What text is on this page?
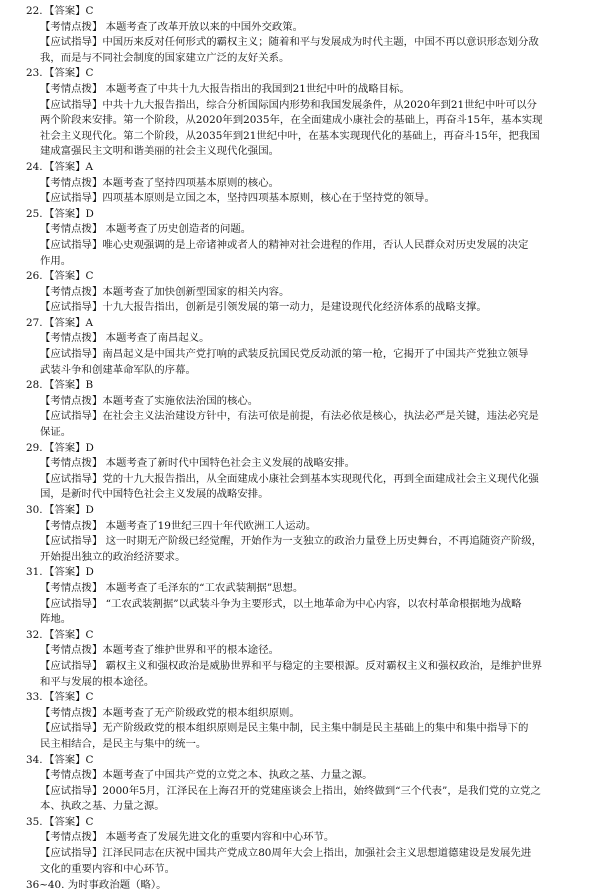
22.【答案】C
【考情点拨】 本题考查了改革开放以来的中国外交政策。
【应试指导】中国历来反对任何形式的霸权主义；随着和平与发展成为时代主题，中国不再以意识形态划分敌
我，而是与不同社会制度的国家建立广泛的友好关系。
23.【答案】C
【考情点拨】 本题考查了中共十九大报告指出的我国到21世纪中叶的战略目标。
【应试指导】中共十九大报告指出，综合分析国际国内形势和我国发展条件，从2020年到21世纪中叶可以分
两个阶段来安排。第一个阶段，从2020年到2035年，在全面建成小康社会的基础上，再奋斗15年，基本实现
社会主义现代化。第二个阶段，从2035年到21世纪中叶，在基本实现现代化的基础上，再奋斗15年，把我国
建成富强民主文明和谐美丽的社会主义现代化强国。
24.【答案】A
【考情点拨】本题考查了坚持四项基本原则的核心。
【应试指导】四项基本原则是立国之本，坚持四项基本原则，核心在于坚持党的领导。
25.【答案】D
【考情点拨】 本题考查了历史创造者的问题。
【应试指导】唯心史观强调的是上帝诸神或者人的精神对社会进程的作用，否认人民群众对历史发展的决定
作用。
26.【答案】C
【考情点拨】本题考查了加快创新型国家的相关内容。
【应试指导】十九大报告指出，创新是引领发展的第一动力，是建设现代化经济体系的战略支撑。
27.【答案】A
【考情点拨】 本题考查了南昌起义。
【应试指导】南昌起义是中国共产党打响的武装反抗国民党反动派的第一枪，它揭开了中国共产党独立领导
武装斗争和创建革命军队的序幕。
28.【答案】B
【考情点拨】本题考查了实施依法治国的核心。
【应试指导】在社会主义法治建设方针中，有法可依是前提，有法必依是核心，执法必严是关键，违法必究是
保证。
29.【答案】D
【考情点拨】 本题考查了新时代中国特色社会主义发展的战略安排。
【应试指导】党的十九大报告指出，从全面建成小康社会到基本实现现代化，再到全面建成社会主义现代化强
国，是新时代中国特色社会主义发展的战略安排。
30.【答案】D
【考情点拨】 本题考查了19世纪三四十年代欧洲工人运动。
【应试指导】 这一时期无产阶级已经觉醒，开始作为一支独立的政治力量登上历史舞台，不再追随资产阶级，
开始提出独立的政治经济要求。
31.【答案】D
【考情点拨】 本题考查了毛泽东的“工农武装割据”思想。
【应试指导】 “工农武装割据”以武装斗争为主要形式，以土地革命为中心内容，以农村革命根据地为战略
阵地。
32.【答案】C
【考情点拨】本题考查了维护世界和平的根本途径。
【应试指导】 霸权主义和强权政治是威胁世界和平与稳定的主要根源。反对霸权主义和强权政治，是维护世界
和平与发展的根本途径。
33.【答案】C
【考情点拨】本题考查了无产阶级政党的根本组织原则。
【应试指导】无产阶级政党的根本组织原则是民主集中制，民主集中制是民主基础上的集中和集中指导下的
民主相结合，是民主与集中的统一。
34.【答案】C
【考情点拨】本题考查了中国共产党的立党之本、执政之基、力量之源。
【应试指导】2000年5月，江泽民在上海召开的党建座谈会上指出，始终做到“三个代表”，是我们党的立党之
本、执政之基、力量之源。
35.【答案】C
【考情点拨】 本题考查了发展先进文化的重要内容和中心环节。
【应试指导】江泽民同志在庆祝中国共产党成立80周年大会上指出，加强社会主义思想道德建设是发展先进
文化的重要内容和中心环节。
36~40. 为时事政治题（略）。
